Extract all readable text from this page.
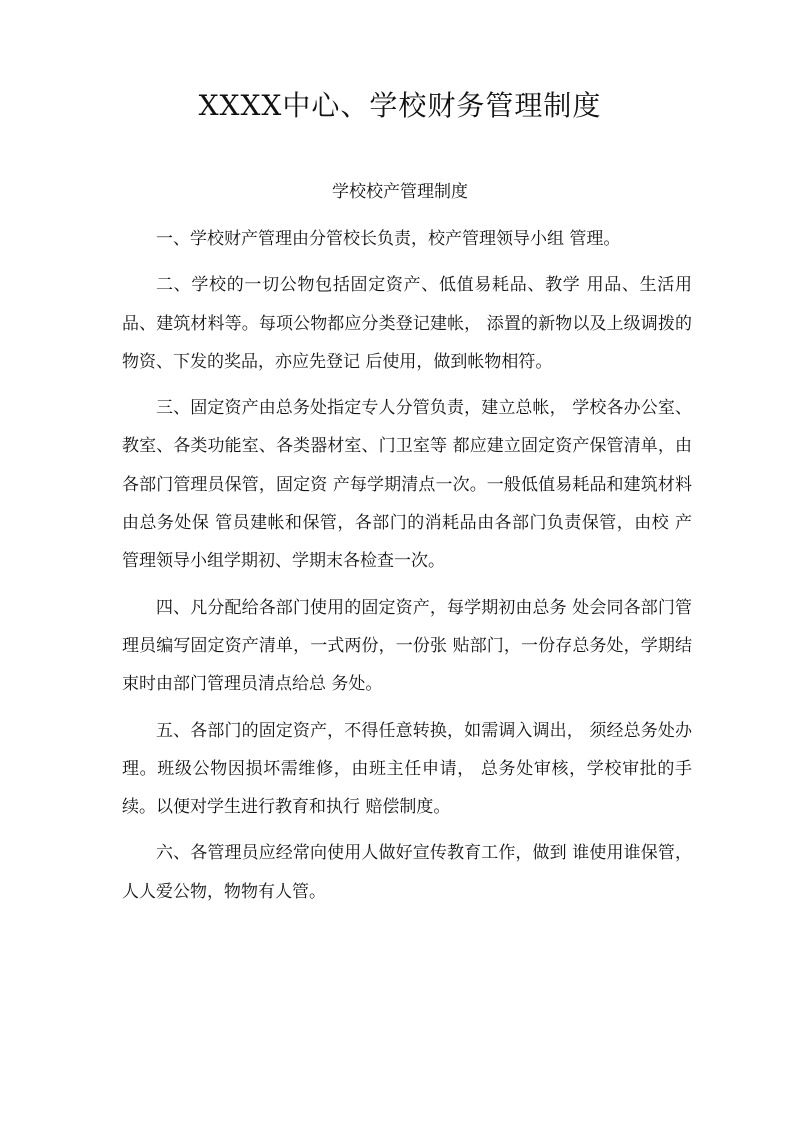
XXXX中心、学校财务管理制度
学校校产管理制度

一、学校财产管理由分管校长负责，校产管理领导小组 管理。

二、学校的一切公物包括固定资产、低值易耗品、教学 用品、生活用品、建筑材料等。每项公物都应分类登记建帐， 添置的新物以及上级调拨的物资、下发的奖品，亦应先登记 后使用，做到帐物相符。

三、固定资产由总务处指定专人分管负责，建立总帐， 学校各办公室、教室、各类功能室、各类器材室、门卫室等 都应建立固定资产保管清单，由各部门管理员保管，固定资 产每学期清点一次。一般低值易耗品和建筑材料由总务处保 管员建帐和保管，各部门的消耗品由各部门负责保管，由校 产管理领导小组学期初、学期末各检查一次。

四、凡分配给各部门使用的固定资产，每学期初由总务 处会同各部门管理员编写固定资产清单，一式两份，一份张 贴部门，一份存总务处，学期结束时由部门管理员清点给总 务处。

五、各部门的固定资产，不得任意转换，如需调入调出， 须经总务处办理。班级公物因损坏需维修，由班主任申请， 总务处审核，学校审批的手续。以便对学生进行教育和执行 赔偿制度。

六、各管理员应经常向使用人做好宣传教育工作，做到 谁使用谁保管，人人爱公物，物物有人管。
